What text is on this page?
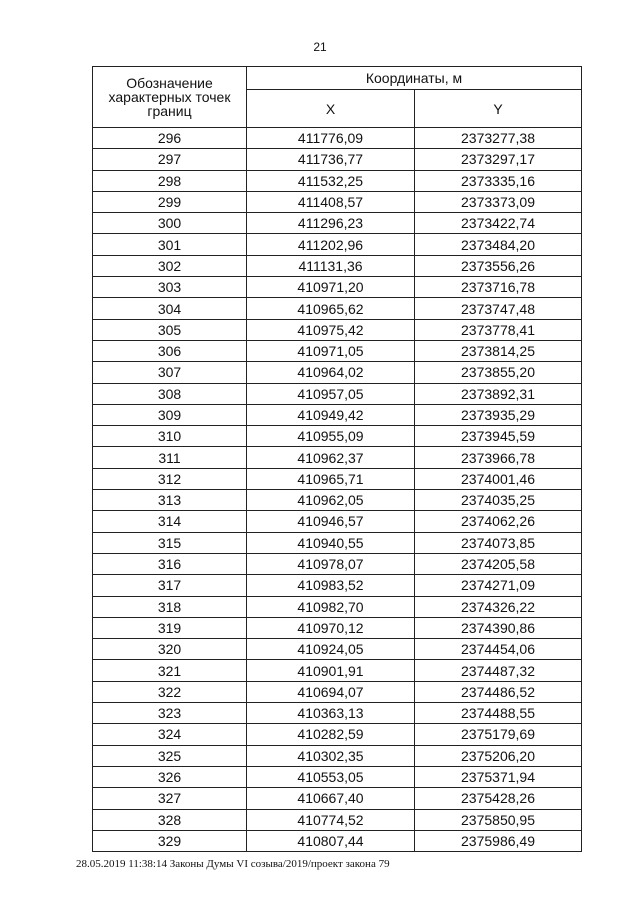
21
Обозначение характерных точек границ	Координаты, м	
	X	Y
296	411776,09	2373277,38
297	411736,77	2373297,17
298	411532,25	2373335,16
299	411408,57	2373373,09
300	411296,23	2373422,74
301	411202,96	2373484,20
302	411131,36	2373556,26
303	410971,20	2373716,78
304	410965,62	2373747,48
305	410975,42	2373778,41
306	410971,05	2373814,25
307	410964,02	2373855,20
308	410957,05	2373892,31
309	410949,42	2373935,29
310	410955,09	2373945,59
311	410962,37	2373966,78
312	410965,71	2374001,46
313	410962,05	2374035,25
314	410946,57	2374062,26
315	410940,55	2374073,85
316	410978,07	2374205,58
317	410983,52	2374271,09
318	410982,70	2374326,22
319	410970,12	2374390,86
320	410924,05	2374454,06
321	410901,91	2374487,32
322	410694,07	2374486,52
323	410363,13	2374488,55
324	410282,59	2375179,69
325	410302,35	2375206,20
326	410553,05	2375371,94
327	410667,40	2375428,26
328	410774,52	2375850,95
329	410807,44	2375986,49
28.05.2019 11:38:14 Законы Думы VI созыва/2019/проект закона 79
